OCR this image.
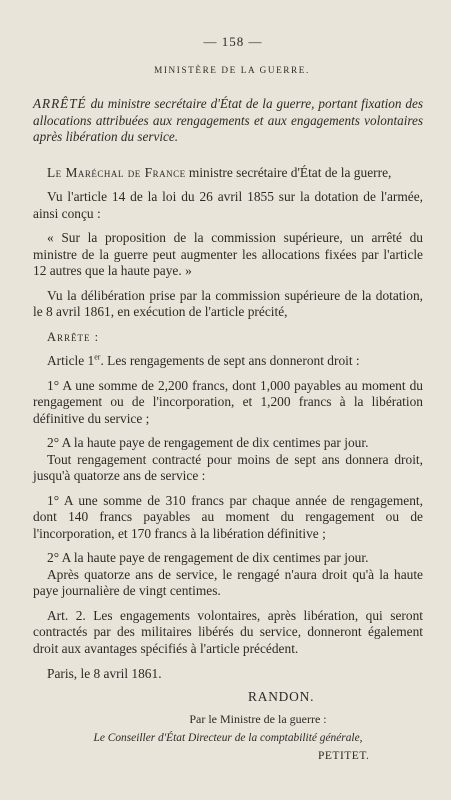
— 158 —
MINISTÈRE DE LA GUERRE.
ARRÊTÉ du ministre secrétaire d'État de la guerre, portant fixation des allocations attribuées aux rengagements et aux engagements volontaires après libération du service.
Le Maréchal de France ministre secrétaire d'État de la guerre,
Vu l'article 14 de la loi du 26 avril 1855 sur la dotation de l'armée, ainsi conçu :
« Sur la proposition de la commission supérieure, un arrêté du ministre de la guerre peut augmenter les allocations fixées par l'article 12 autres que la haute paye. »
Vu la délibération prise par la commission supérieure de la dotation, le 8 avril 1861, en exécution de l'article précité,
Arrête :
Article 1er. Les rengagements de sept ans donneront droit :
1° A une somme de 2,200 francs, dont 1,000 payables au moment du rengagement ou de l'incorporation, et 1,200 francs à la libération définitive du service ;
2° A la haute paye de rengagement de dix centimes par jour.
Tout rengagement contracté pour moins de sept ans donnera droit, jusqu'à quatorze ans de service :
1° A une somme de 310 francs par chaque année de rengagement, dont 140 francs payables au moment du rengagement ou de l'incorporation, et 170 francs à la libération définitive ;
2° A la haute paye de rengagement de dix centimes par jour.
Après quatorze ans de service, le rengagé n'aura droit qu'à la haute paye journalière de vingt centimes.
Art. 2. Les engagements volontaires, après libération, qui seront contractés par des militaires libérés du service, donneront également droit aux avantages spécifiés à l'article précédent.
Paris, le 8 avril 1861.
RANDON.
Par le Ministre de la guerre :
Le Conseiller d'État Directeur de la comptabilité générale,
PETITET.
